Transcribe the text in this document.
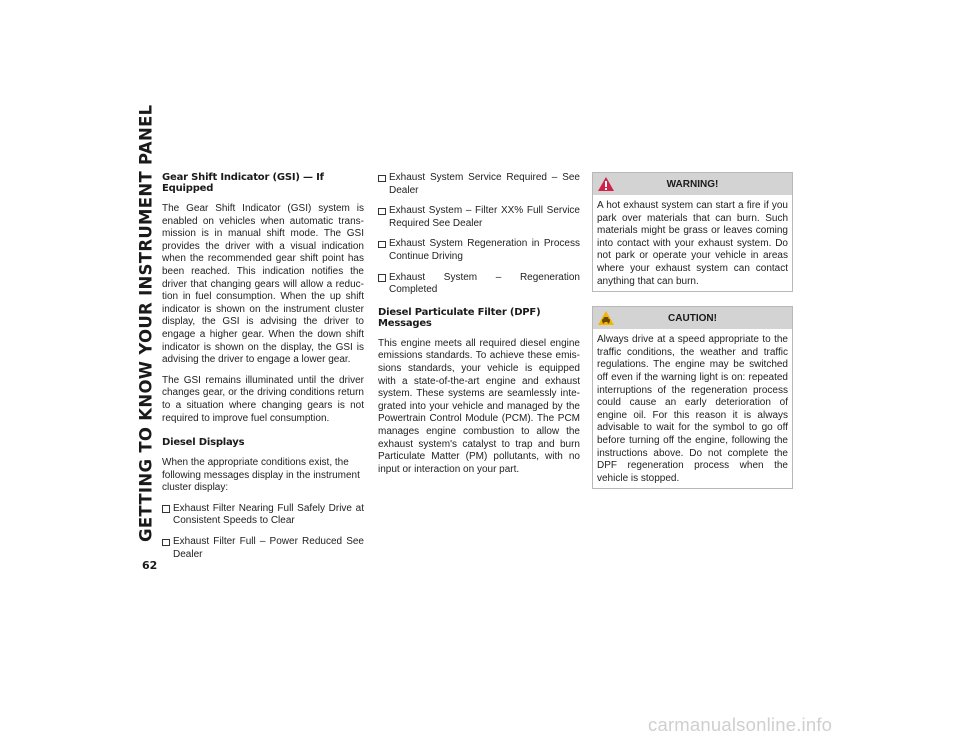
GETTING TO KNOW YOUR INSTRUMENT PANEL
62
Gear Shift Indicator (GSI) — If Equipped

The Gear Shift Indicator (GSI) system is enabled on vehicles when automatic trans-mission is in manual shift mode. The GSI provides the driver with a visual indication when the recommended gear shift point has been reached. This indication notifies the driver that changing gears will allow a reduc-tion in fuel consumption. When the up shift indicator is shown on the instrument cluster display, the GSI is advising the driver to engage a higher gear. When the down shift indicator is shown on the display, the GSI is advising the driver to engage a lower gear.

The GSI remains illuminated until the driver changes gear, or the driving conditions return to a situation where changing gears is not required to improve fuel consumption.

Diesel Displays

When the appropriate conditions exist, the following messages display in the instrument cluster display:

Exhaust Filter Nearing Full Safely Drive at Consistent Speeds to Clear
Exhaust Filter Full – Power Reduced See Dealer
Exhaust System Service Required – See Dealer
Exhaust System – Filter XX% Full Service Required See Dealer
Exhaust System Regeneration in Process Continue Driving
Exhaust System – Regeneration Completed
Diesel Particulate Filter (DPF) Messages

This engine meets all required diesel engine emissions standards. To achieve these emis-sions standards, your vehicle is equipped with a state-of-the-art engine and exhaust system. These systems are seamlessly inte-grated into your vehicle and managed by the Powertrain Control Module (PCM). The PCM manages engine combustion to allow the exhaust system's catalyst to trap and burn Particulate Matter (PM) pollutants, with no input or interaction on your part.

WARNING!

A hot exhaust system can start a fire if you park over materials that can burn. Such materials might be grass or leaves coming into contact with your exhaust system. Do not park or operate your vehicle in areas where your exhaust system can contact anything that can burn.

CAUTION!

Always drive at a speed appropriate to the traffic conditions, the weather and traffic regulations. The engine may be switched off even if the warning light is on: repeated interruptions of the regeneration process could cause an early deterioration of engine oil. For this reason it is always advisable to wait for the symbol to go off before turning off the engine, following the instructions above. Do not complete the DPF regeneration process when the vehicle is stopped.

carmanualsonline.info
